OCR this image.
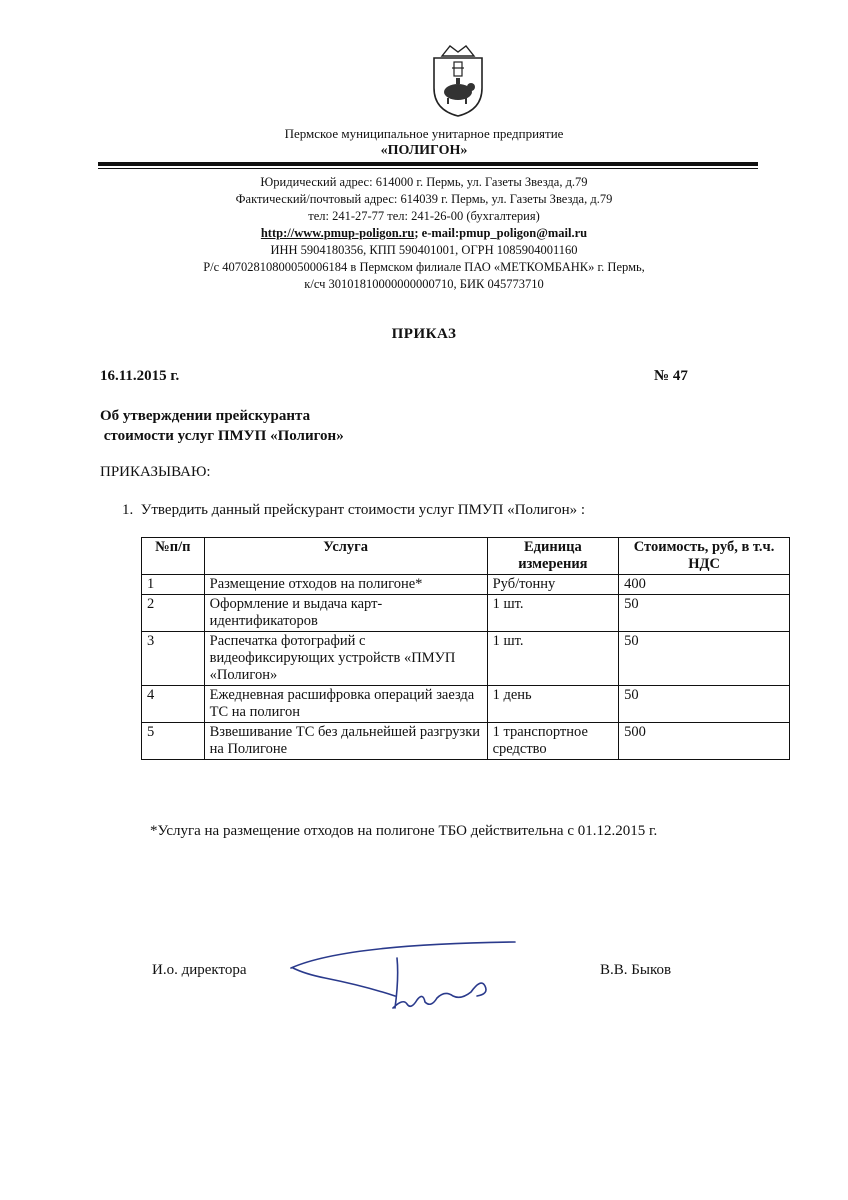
Пермское муниципальное унитарное предприятие
«ПОЛИГОН»
Юридический адрес: 614000 г. Пермь, ул. Газеты Звезда, д.79
Фактический/почтовый адрес: 614039 г. Пермь, ул. Газеты Звезда, д.79
тел: 241-27-77 тел: 241-26-00 (бухгалтерия)
http://www.pmup-poligon.ru; e-mail:pmup_poligon@mail.ru
ИНН 5904180356, КПП 590401001, ОГРН 1085904001160
Р/с 40702810800050006184 в Пермском филиале ПАО «МЕТКОМБАНК» г. Пермь,
к/сч 30101810000000000710, БИК 045773710
ПРИКАЗ
16.11.2015 г.	№ 47
Об утверждении прейскуранта
стоимости услуг ПМУП «Полигон»
ПРИКАЗЫВАЮ:
1.  Утвердить данный прейскурант стоимости услуг ПМУП «Полигон» :
№п/п	Услуга	Единица измерения	Стоимость, руб, в т.ч. НДС
1	Размещение отходов на полигоне*	Руб/тонну	400
2	Оформление и выдача карт-идентификаторов	1 шт.	50
3	Распечатка фотографий с видеофиксирующих устройств «ПМУП «Полигон»	1 шт.	50
4	Ежедневная расшифровка операций заезда ТС на полигон	1 день	50
5	Взвешивание ТС без дальнейшей разгрузки на Полигоне	1 транспортное средство	500
*Услуга на размещение отходов на полигоне ТБО действительна с 01.12.2015 г.
И.о. директора	В.В. Быков
